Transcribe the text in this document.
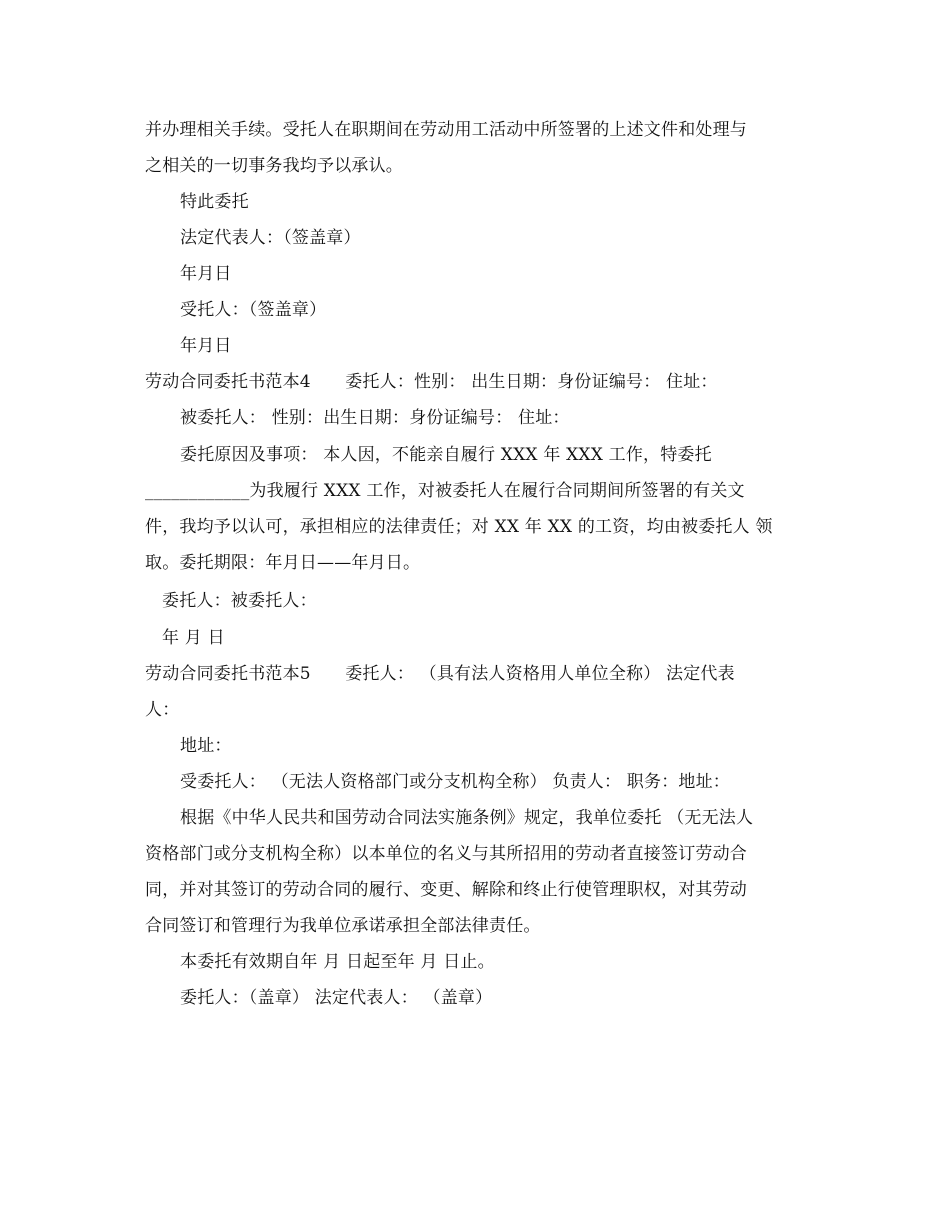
并办理相关手续。受托人在职期间在劳动用工活动中所签署的上述文件和处理与
之相关的一切事务我均予以承认。
特此委托
法定代表人：（签盖章）
年月日
受托人：（签盖章）
年月日
劳动合同委托书范本4　　委托人：性别： 出生日期：身份证编号： 住址：
被委托人： 性别：出生日期：身份证编号： 住址：
委托原因及事项： 本人因，不能亲自履行 XXX 年 XXX 工作，特委托
____________为我履行 XXX 工作，对被委托人在履行合同期间所签署的有关文
件，我均予以认可，承担相应的法律责任；对 XX 年 XX 的工资，均由被委托人 领
取。委托期限：年月日——年月日。
委托人：被委托人：
年 月 日
劳动合同委托书范本5　　委托人： （具有法人资格用人单位全称） 法定代表
人：
地址：
受委托人： （无法人资格部门或分支机构全称） 负责人： 职务：地址：
根据《中华人民共和国劳动合同法实施条例》规定，我单位委托 （无无法人
资格部门或分支机构全称）以本单位的名义与其所招用的劳动者直接签订劳动合
同，并对其签订的劳动合同的履行、变更、解除和终止行使管理职权，对其劳动
合同签订和管理行为我单位承诺承担全部法律责任。
本委托有效期自年 月 日起至年 月 日止。
委托人：（盖章） 法定代表人： （盖章）
